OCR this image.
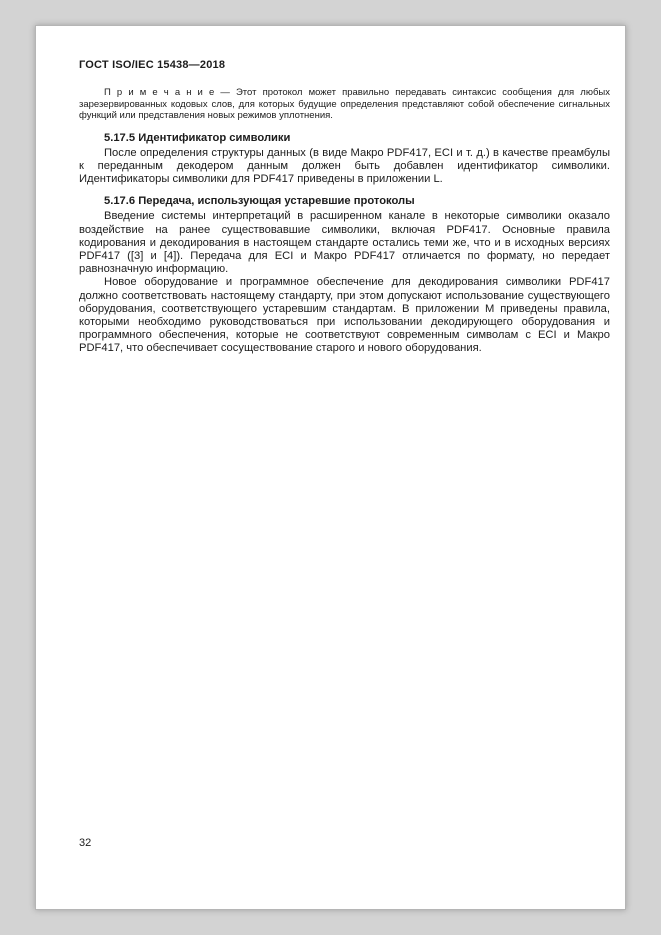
ГОСТ ISO/IEC 15438—2018

П р и м е ч а н и е — Этот протокол может правильно передавать синтаксис сообщения для любых зарезервированных кодовых слов, для которых будущие определения представляют собой обеспечение сигнальных функций или представления новых режимов уплотнения.

5.17.5 Идентификатор символики

После определения структуры данных (в виде Макро PDF417, ECI и т. д.) в качестве преамбулы к переданным декодером данным должен быть добавлен идентификатор символики. Идентификаторы символики для PDF417 приведены в приложении L.

5.17.6 Передача, использующая устаревшие протоколы

Введение системы интерпретаций в расширенном канале в некоторые символики оказало воздействие на ранее существовавшие символики, включая PDF417. Основные правила кодирования и декодирования в настоящем стандарте остались теми же, что и в исходных версиях PDF417 ([3] и [4]). Передача для ECI и Макро PDF417 отличается по формату, но передает равнозначную информацию.

Новое оборудование и программное обеспечение для декодирования символики PDF417 должно соответствовать настоящему стандарту, при этом допускают использование существующего оборудования, соответствующего устаревшим стандартам. В приложении M приведены правила, которыми необходимо руководствоваться при использовании декодирующего оборудования и программного обеспечения, которые не соответствуют современным символам с ECI и Макро PDF417, что обеспечивает сосуществование старого и нового оборудования.

32
